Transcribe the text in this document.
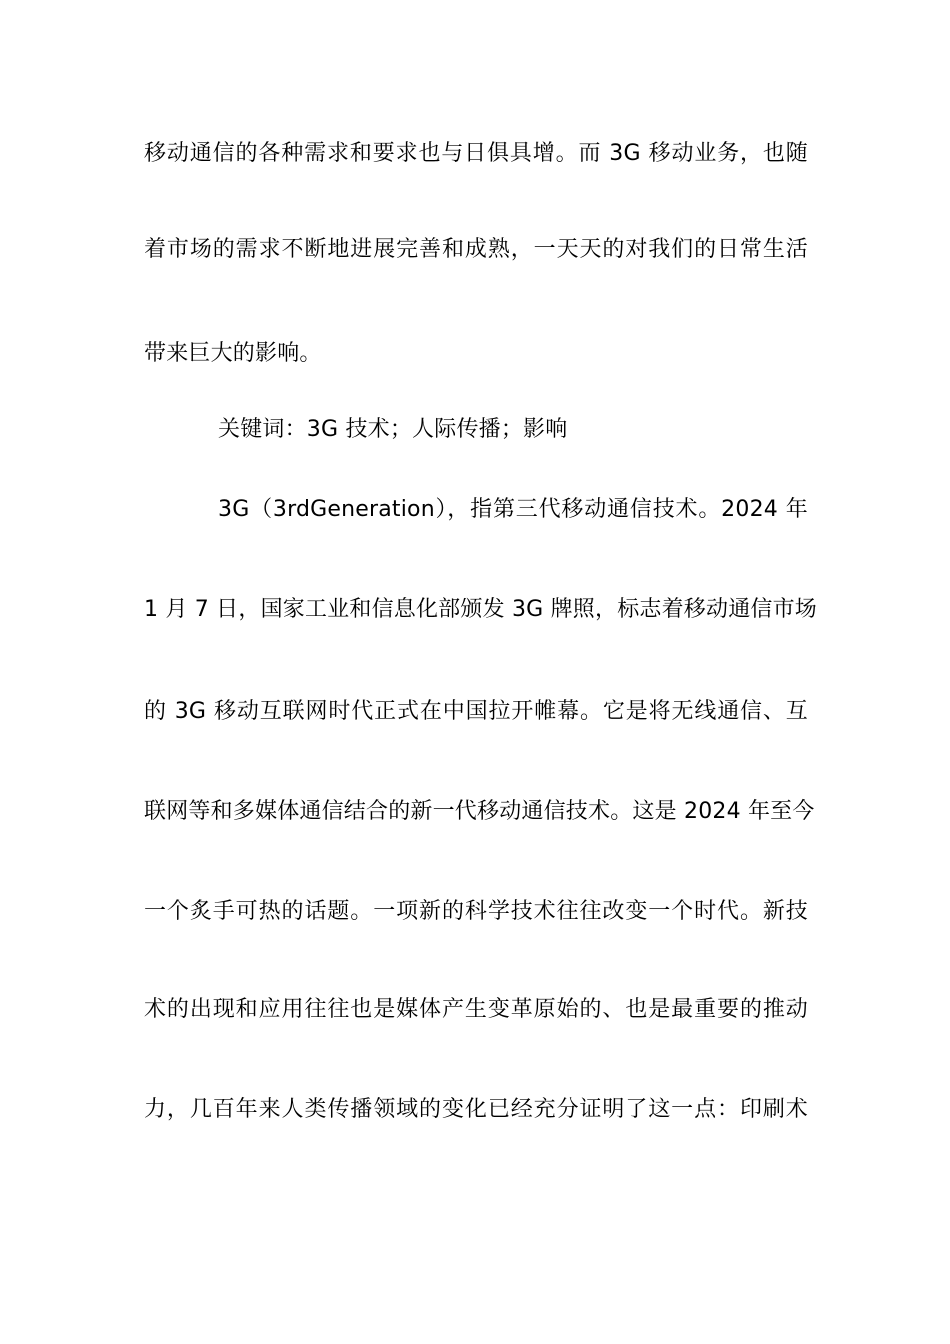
移动通信的各种需求和要求也与日俱具增。而 3G 移动业务，也随
着市场的需求不断地进展完善和成熟，一天天的对我们的日常生活
带来巨大的影响。
关键词：3G 技术；人际传播；影响
3G（3rdGeneration），指第三代移动通信技术。2024 年
1 月 7 日，国家工业和信息化部颁发 3G 牌照，标志着移动通信市场
的 3G 移动互联网时代正式在中国拉开帷幕。它是将无线通信、互
联网等和多媒体通信结合的新一代移动通信技术。这是 2024 年至今
一个炙手可热的话题。一项新的科学技术往往改变一个时代。新技
术的出现和应用往往也是媒体产生变革原始的、也是最重要的推动
力，几百年来人类传播领域的变化已经充分证明了这一点：印刷术
